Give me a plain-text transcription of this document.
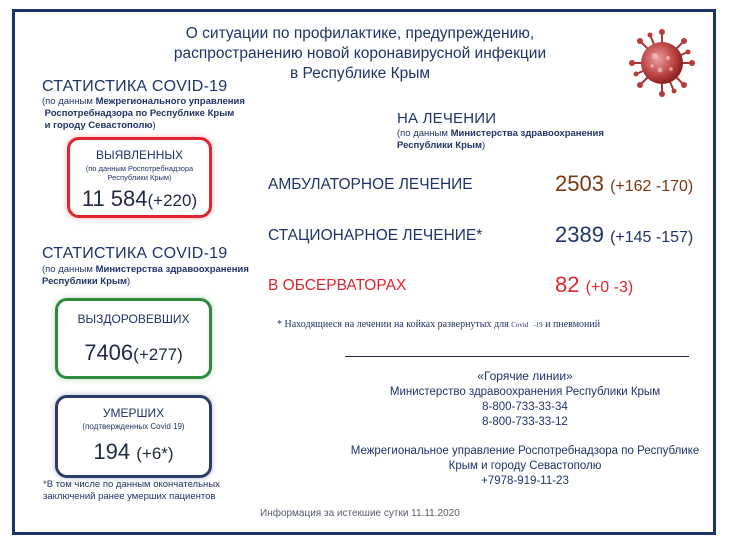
О ситуации по профилактике, предупреждению,
распространению новой коронавирусной инфекции
в Республике Крым
СТАТИСТИКА COVID-19
(по данным Межрегионального управления
Роспотребнадзора по Республике Крым
и городу Севастополю)
ВЫЯВЛЕННЫХ
(по данным Роспотребнадзора
Республики Крым)
11 584(+220)
СТАТИСТИКА COVID-19
(по данным Министерства здравоохранения
Республики Крым)
ВЫЗДОРОВЕВШИХ
7406(+277)
УМЕРШИХ
(подтвержденных Covid 19)
194 (+6*)
НА ЛЕЧЕНИИ
(по данным Министерства здравоохранения
Республики Крым)
АМБУЛАТОРНОЕ ЛЕЧЕНИЕ	2503 (+162 -170)
СТАЦИОНАРНОЕ ЛЕЧЕНИЕ*	2389 (+145 -157)
В ОБСЕРВАТОРАХ	82 (+0 -3)
* Находящиеся на лечении на койках развернутых для Covid -19 и пневмоний
«Горячие линии»
Министерство здравоохранения Республики Крым
8-800-733-33-34
8-800-733-33-12
Межрегиональное управление Роспотребнадзора по Республике
Крым и городу Севастополю
+7978-919-11-23
*В том числе по данным окончательных
заключений ранее умерших пациентов
Информация за истекшие сутки 11.11.2020
